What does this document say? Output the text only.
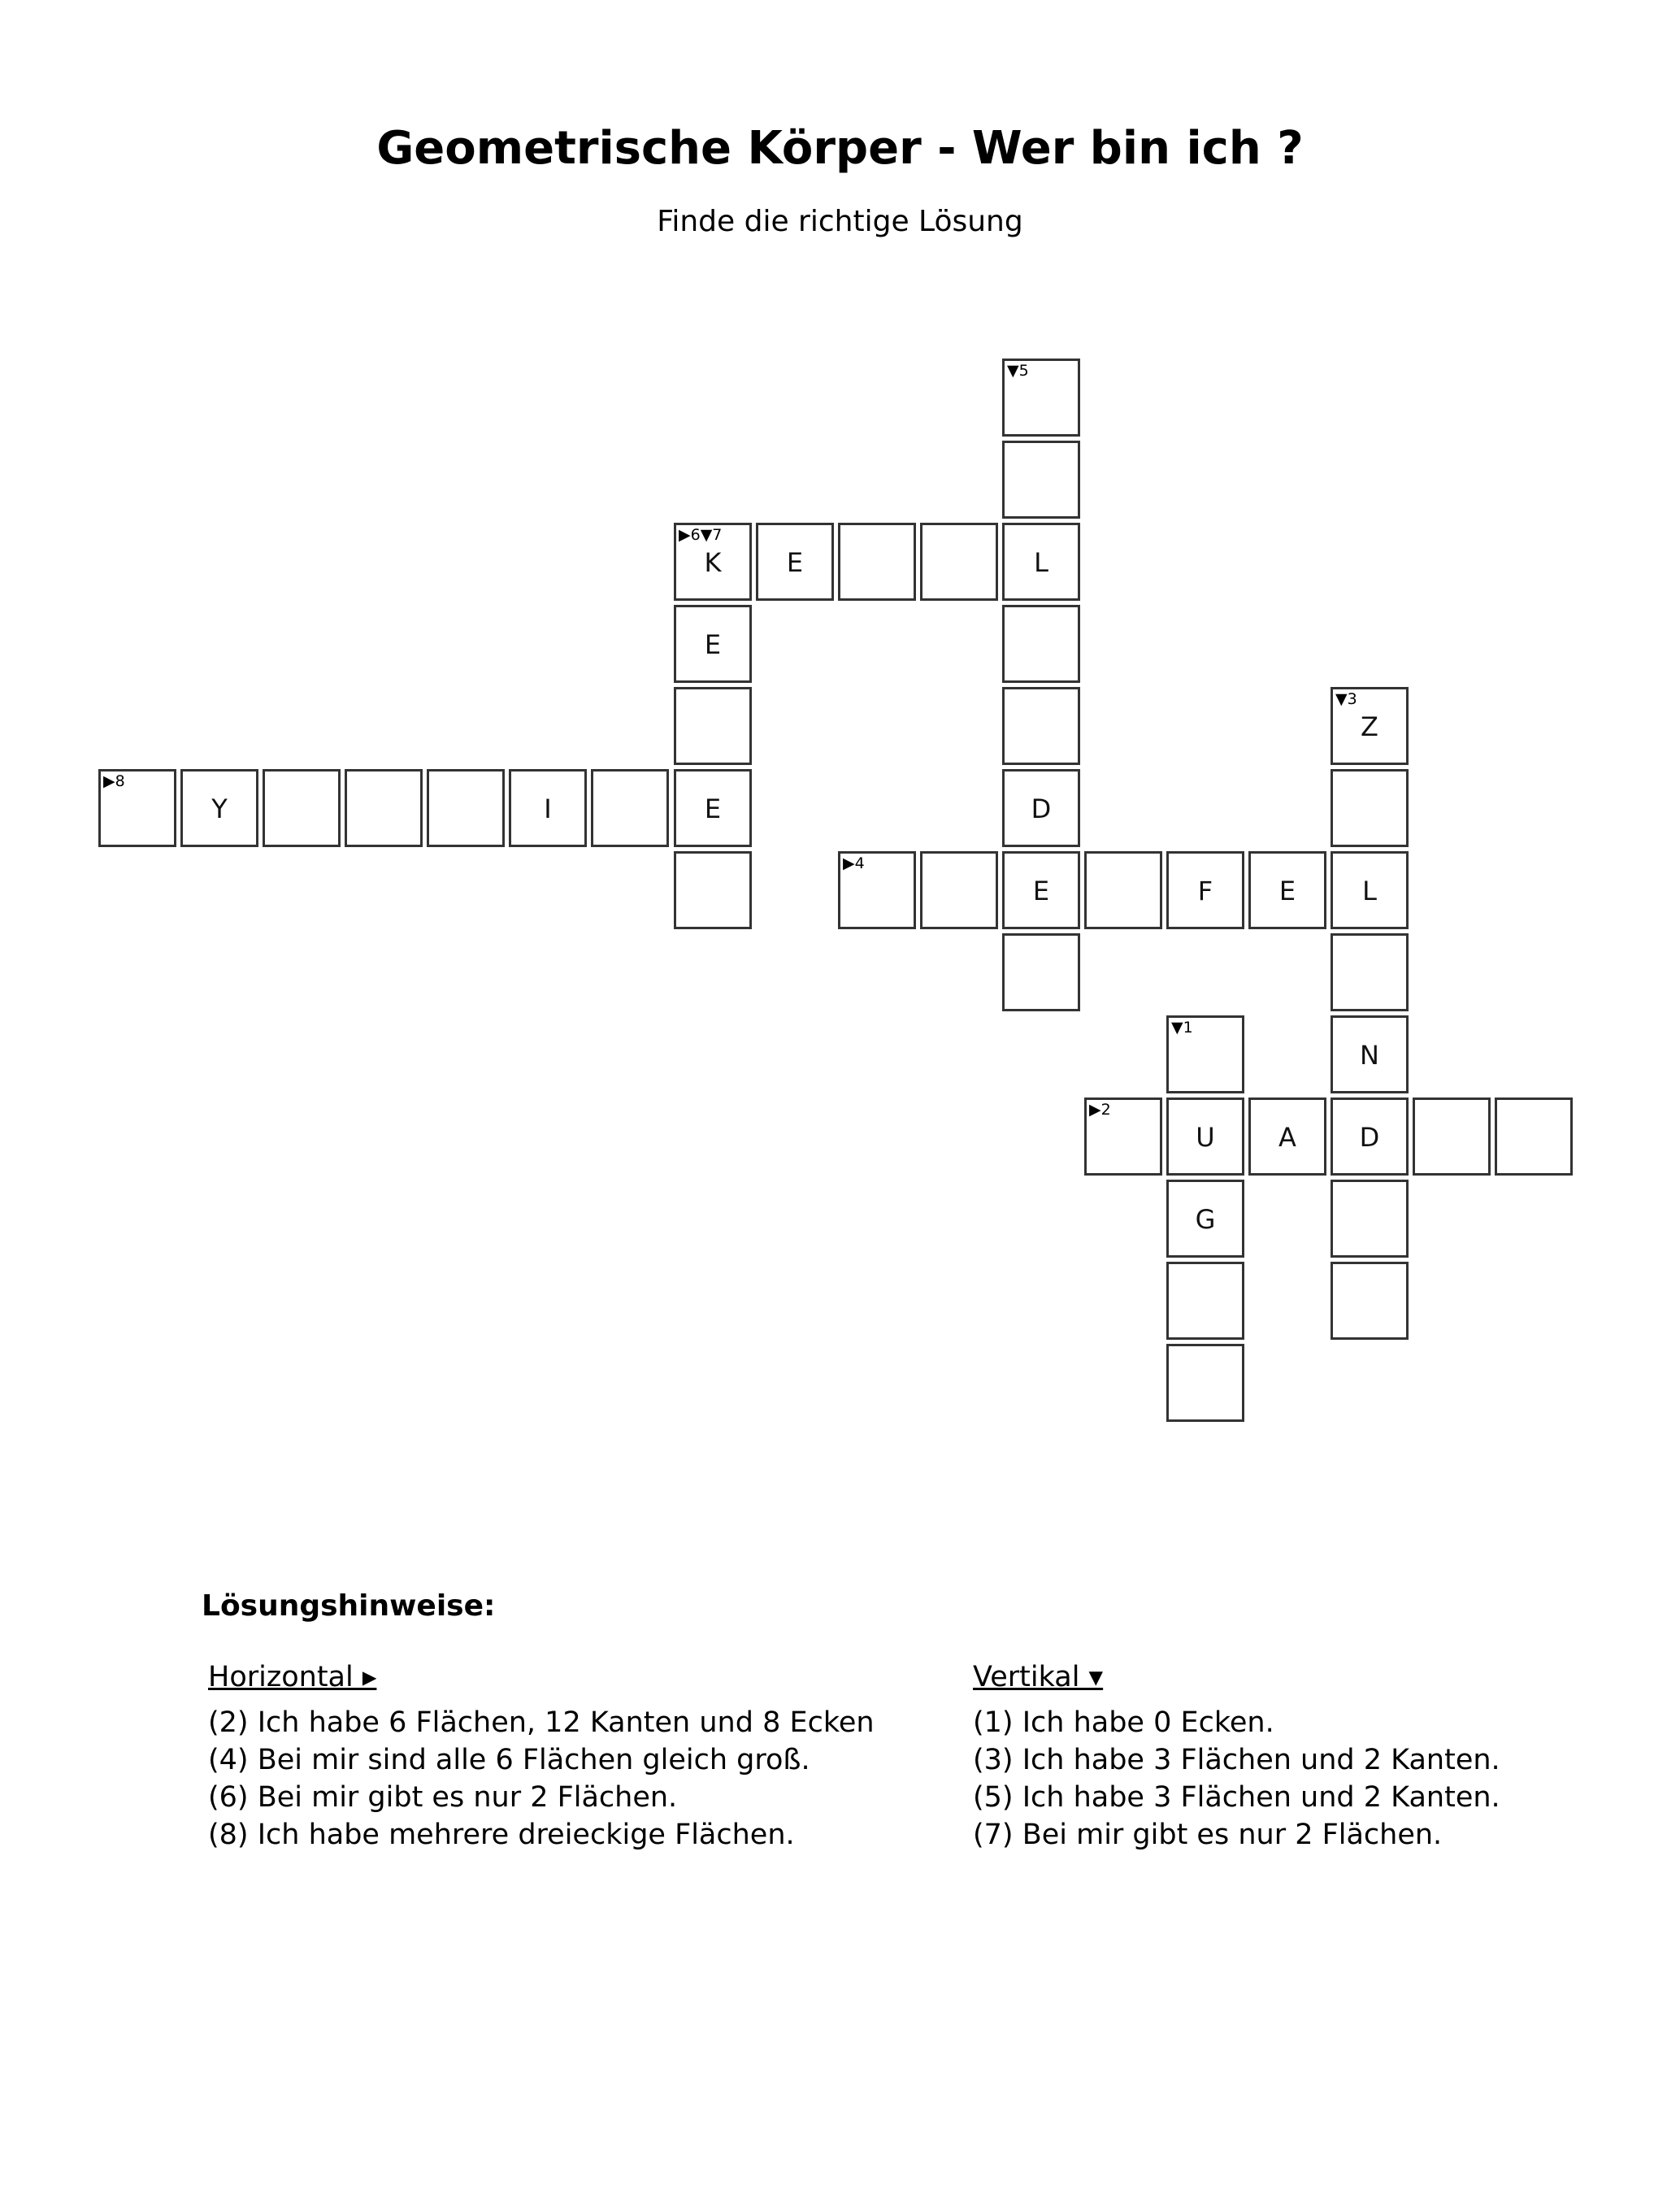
Geometrische Körper - Wer bin ich ?

Finde die richtige Lösung

▼5
▶6▼7
K	E	L
E
▼3
Z
▶8
Y	I	E	D
▶4
E	F	E	L
▼1
N
▶2
U	A	D
G
Lösungshinweise:
Horizontal ▸
(2) Ich habe 6 Flächen, 12 Kanten und 8 Ecken
(4) Bei mir sind alle 6 Flächen gleich groß.
(6) Bei mir gibt es nur 2 Flächen.
(8) Ich habe mehrere dreieckige Flächen.
Vertikal ▾
(1) Ich habe 0 Ecken.
(3) Ich habe 3 Flächen und 2 Kanten.
(5) Ich habe 3 Flächen und 2 Kanten.
(7) Bei mir gibt es nur 2 Flächen.
